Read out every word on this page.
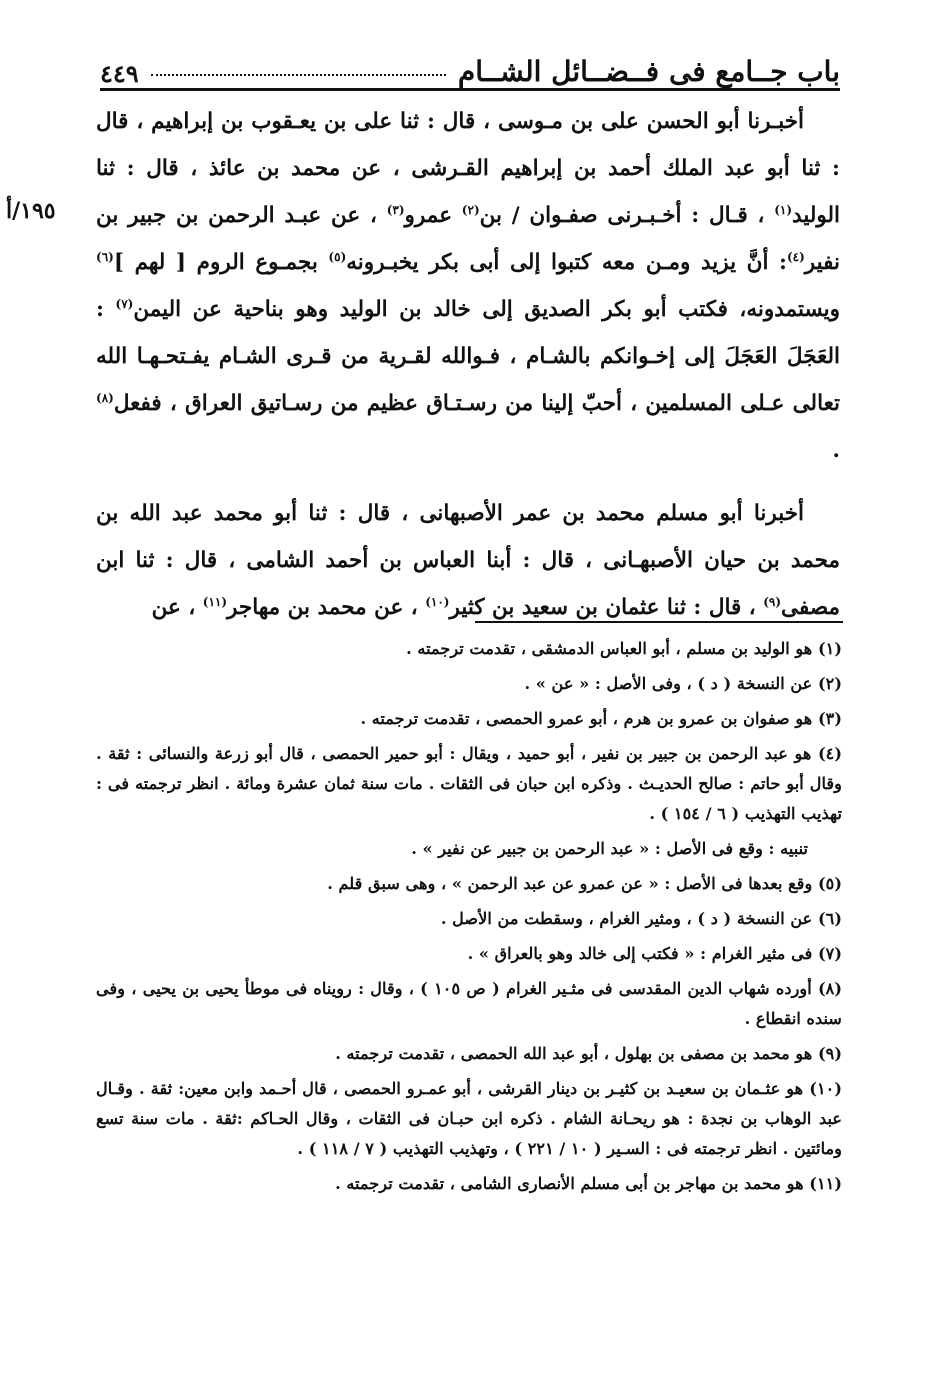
باب جــامع فى فــضــائل الشــام
٤٤٩
١٩٥/أ

أخبـرنا أبو الحسن على بن مـوسى ، قال : ثنا على بن يعـقوب بن إبراهيم ، قال : ثنا أبو عبد الملك أحمد بن إبراهيم القـرشى ، عن محمد بن عائذ ، قال : ثنا الوليد$^{(١)}$ ، قـال : أخـبـرنى صفـوان / بن$^{(٢)}$ عمرو$^{(٣)}$ ، عن عبـد الرحمن بن جبير بن نفير$^{(٤)}$: أنَّ يزيد ومـن معه كتبوا إلى أبى بكر يخبـرونه$^{(٥)}$ بجمـوع الروم [ لهم ]$^{(٦)}$ ويستمدونه، فكتب أبو بكر الصديق إلى خالد بن الوليد وهو بناحية عن اليمن$^{(٧)}$ : العَجَلَ العَجَلَ إلى إخـوانكم بالشـام ، فـوالله لقـرية من قـرى الشـام يفـتحـهـا الله تعالى عـلى المسلمين ، أحبّ إلينا من رسـتـاق عظيم من رسـاتيق العراق ، ففعل$^{(٨)}$ .

أخبرنا أبو مسلم محمد بن عمر الأصبهانى ، قال : ثنا أبو محمد عبد الله بن محمد بن حيان الأصبهـانى ، قال : أبنا العباس بن أحمد الشامى ، قال : ثنا ابن مصفى$^{(٩)}$ ، قال : ثنا عثمان بن سعيد بن كثير$^{(١٠)}$ ، عن محمد بن مهاجر$^{(١١)}$ ، عن

(١) هو الوليد بن مسلم ، أبو العباس الدمشقى ، تقدمت ترجمته .

(٢) عن النسخة ( د ) ، وفى الأصل : « عن » .

(٣) هو صفوان بن عمرو بن هرم ، أبو عمرو الحمصى ، تقدمت ترجمته .

(٤) هو عبد الرحمن بن جبير بن نفير ، أبو حميد ، ويقال : أبو حمير الحمصى ، قال أبو زرعة والنسائى : ثقة . وقال أبو حاتم : صالح الحديـث . وذكره ابن حبان فى الثقات . مات سنة ثمان عشرة ومائة . انظر ترجمته فى : تهذيب التهذيب ( ٦ / ١٥٤ ) .

تنبيه : وقع فى الأصل : « عبد الرحمن بن جبير عن نفير » .

(٥) وقع بعدها فى الأصل : « عن عمرو عن عبد الرحمن » ، وهى سبق قلم .

(٦) عن النسخة ( د ) ، ومثير الغرام ، وسقطت من الأصل .

(٧) فى مثير الغرام : « فكتب إلى خالد وهو بالعراق » .

(٨) أورده شهاب الدين المقدسى فى مثـير الغرام ( ص ١٠٥ ) ، وقال : رويناه فى موطأ يحيى بن يحيى ، وفى سنده انقطاع .

(٩) هو محمد بن مصفى بن بهلول ، أبو عبد الله الحمصى ، تقدمت ترجمته .

(١٠) هو عثـمان بن سعيـد بن كثيـر بن دينار القرشى ، أبو عمـرو الحمصى ، قال أحـمد وابن معين: ثقة . وقـال عبد الوهاب بن نجدة : هو ريحـانة الشام . ذكره ابن حبـان فى الثقات ، وقال الحـاكم :ثقة . مات سنة تسع ومائتين . انظر ترجمته فى : السـير ( ١٠ / ٢٢١ ) ، وتهذيب التهذيب ( ٧ / ١١٨ ) .

(١١) هو محمد بن مهاجر بن أبى مسلم الأنصارى الشامى ، تقدمت ترجمته .
